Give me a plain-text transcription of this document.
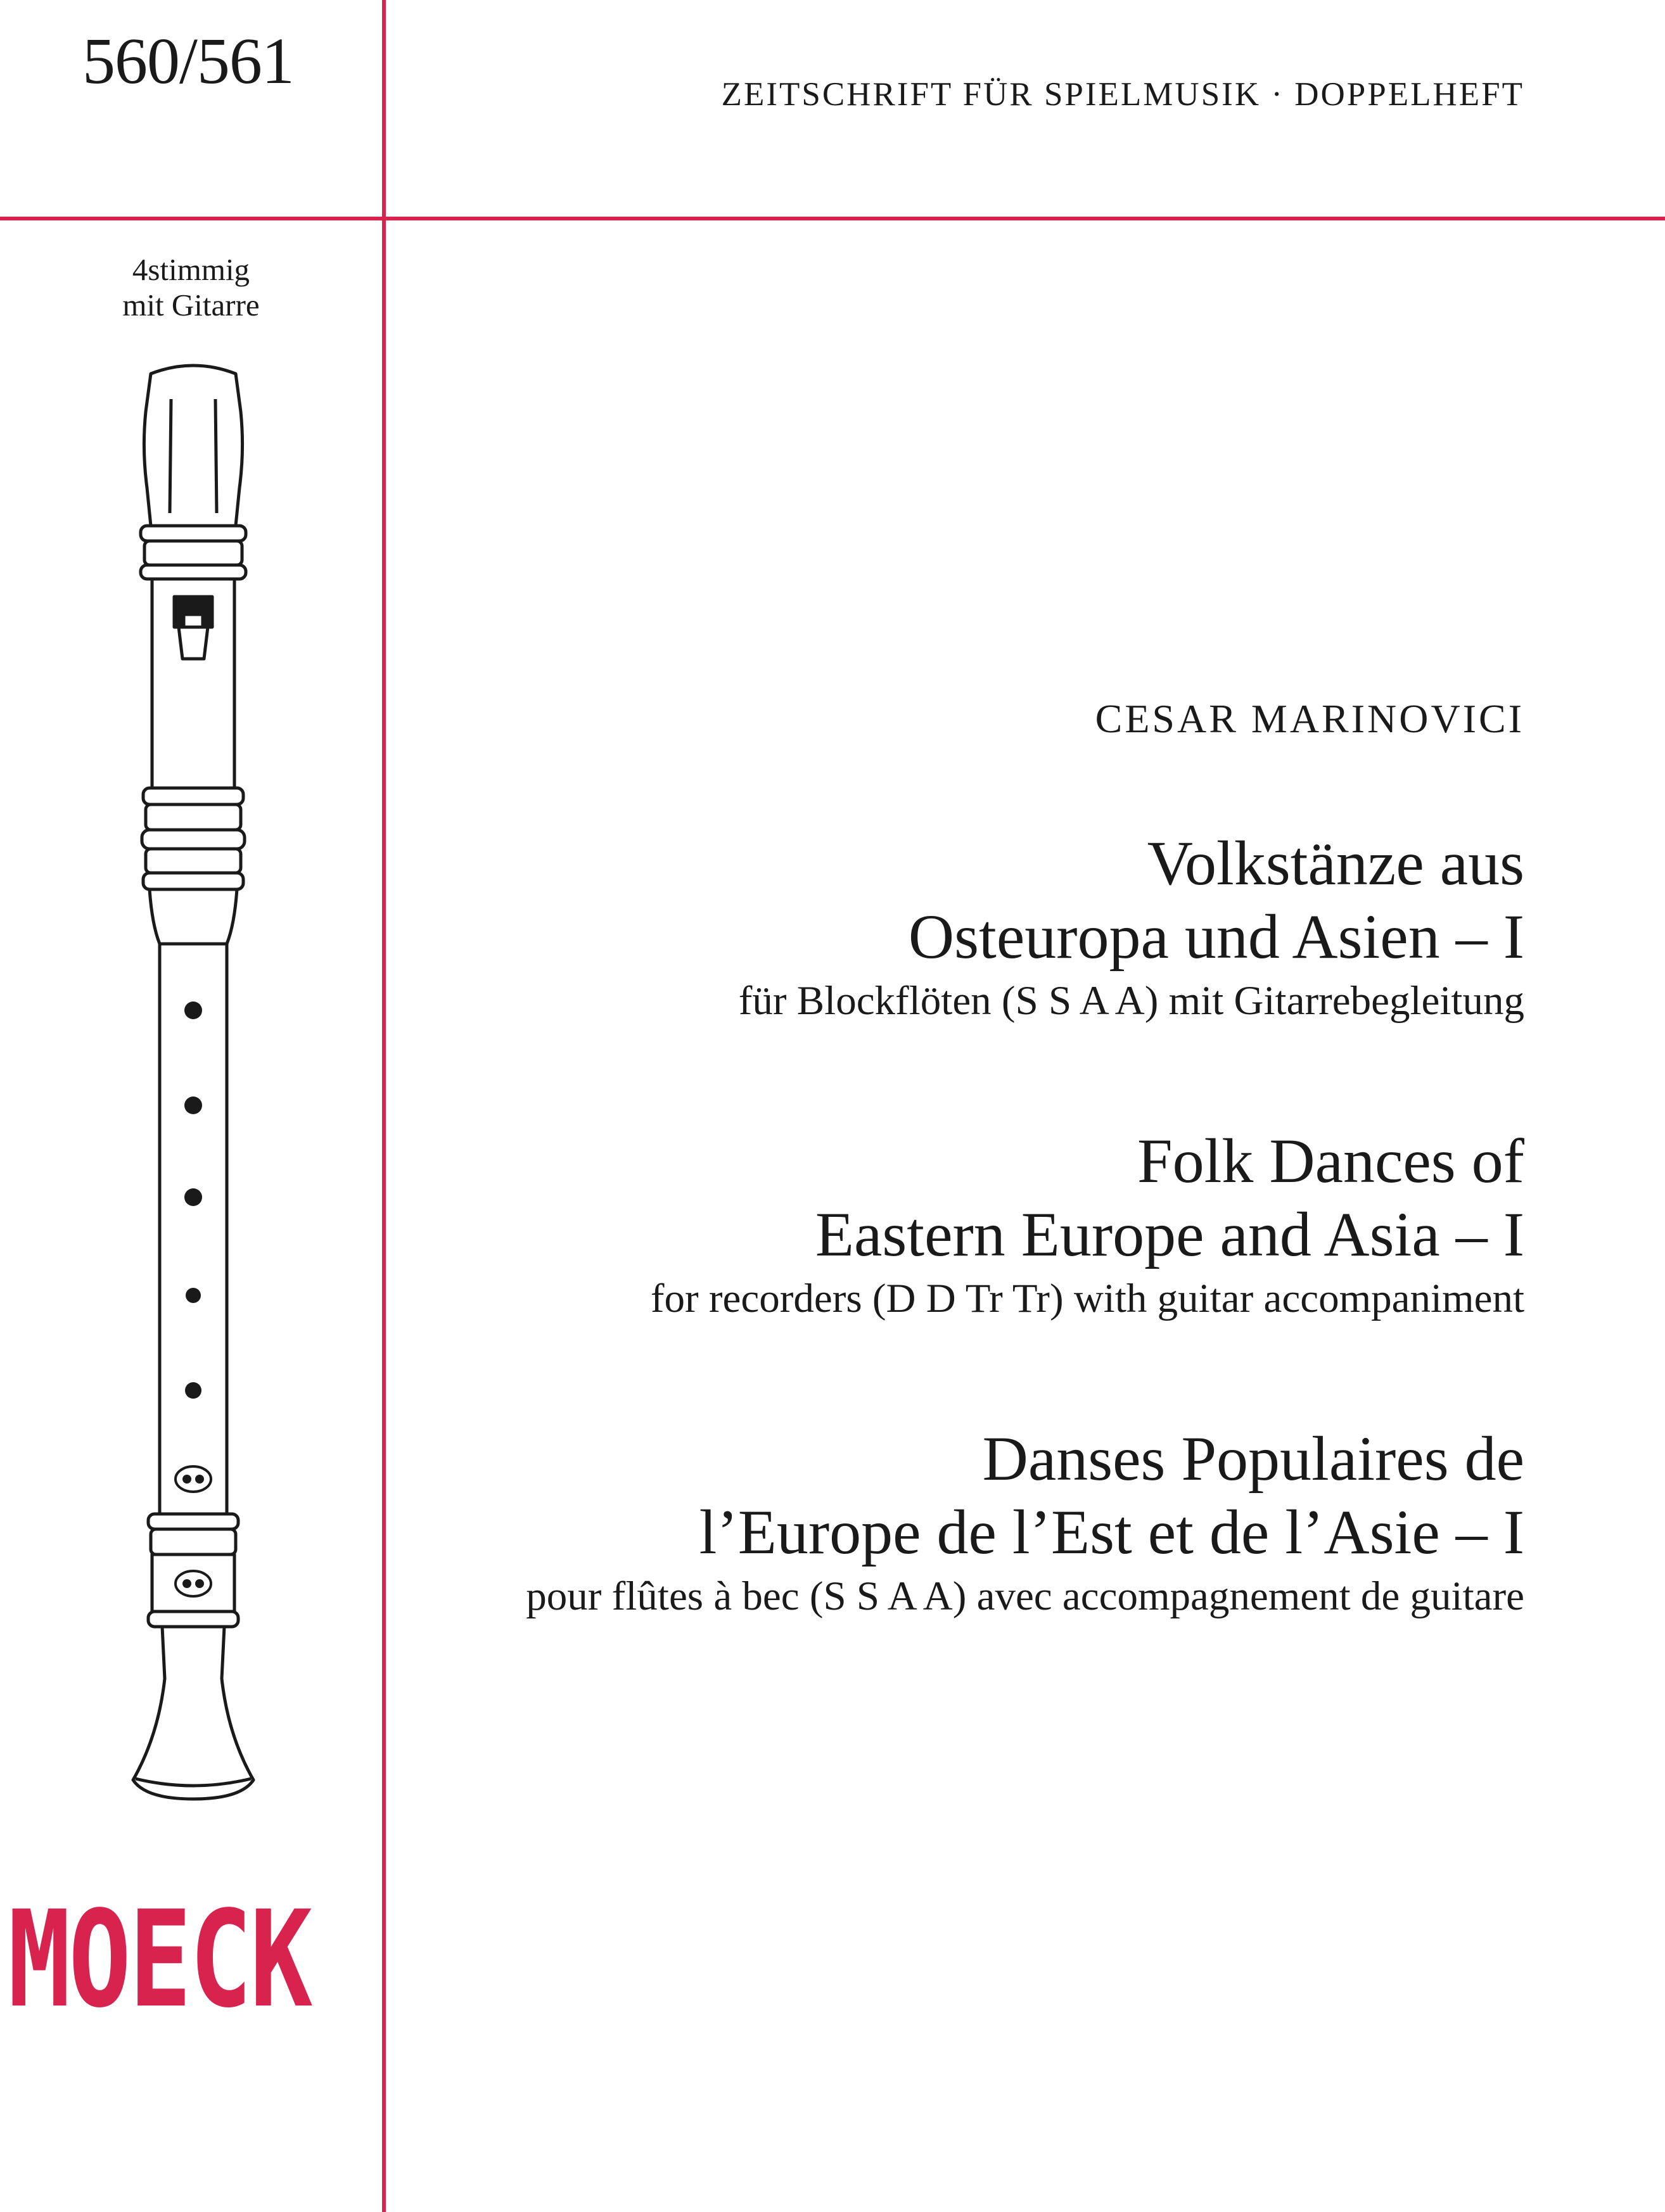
560/561	ZEITSCHRIFT FÜR SPIELMUSIK · DOPPELHEFT
4stimmig
mit Gitarre
MOECK
CESAR MARINOVICI
Volkstänze aus
Osteuropa und Asien – I
für Blockflöten (S S A A) mit Gitarrebegleitung
Folk Dances of
Eastern Europe and Asia – I
for recorders (D D Tr Tr) with guitar accompaniment
Danses Populaires de
l’Europe de l’Est et de l’Asie – I
pour flûtes à bec (S S A A) avec accompagnement de guitare
